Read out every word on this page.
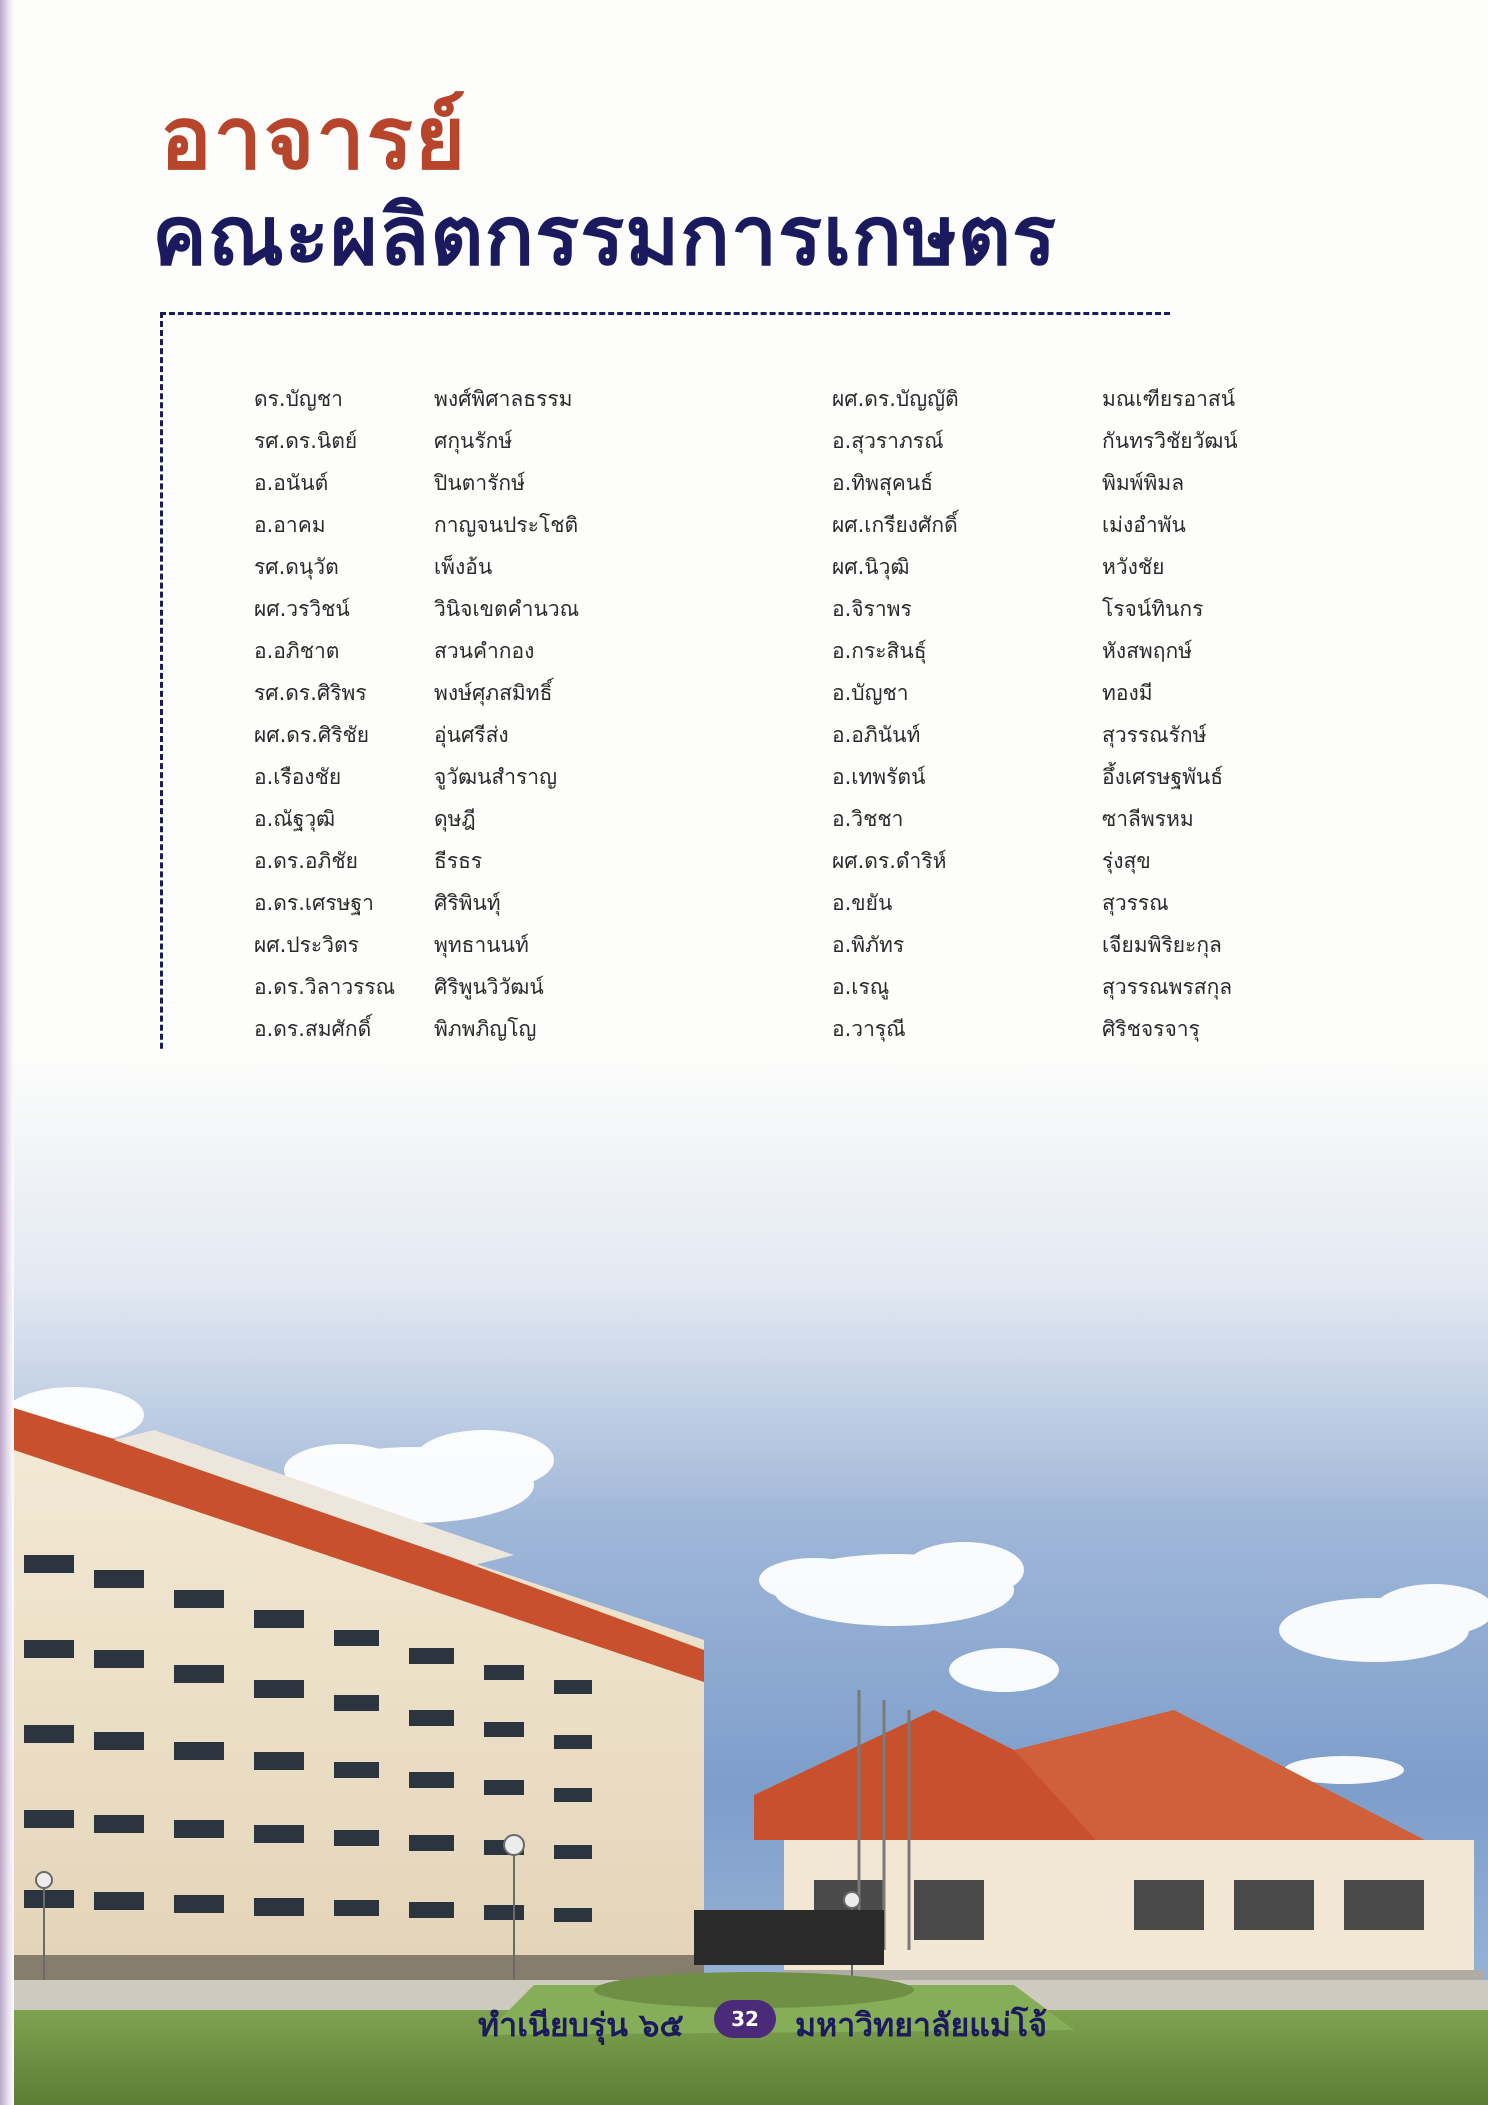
อาจารย์
คณะผลิตกรรมการเกษตร
ดร.บัญชา
รศ.ดร.นิตย์
อ.อนันต์
อ.อาคม
รศ.ดนุวัต
ผศ.วรวิชน์
อ.อภิชาต
รศ.ดร.ศิริพร
ผศ.ดร.ศิริชัย
อ.เรืองชัย
อ.ณัฐวุฒิ
อ.ดร.อภิชัย
อ.ดร.เศรษฐา
ผศ.ประวิตร
อ.ดร.วิลาวรรณ
อ.ดร.สมศักดิ์
พงศ์พิศาลธรรม
ศกุนรักษ์
ปินตารักษ์
กาญจนประโชติ
เพ็งอ้น
วินิจเขตคำนวณ
สวนคำกอง
พงษ์ศุภสมิทธิ์
อุ่นศรีส่ง
จูวัฒนสำราญ
ดุษฎี
ธีรธร
ศิริพินทุ์
พุทธานนท์
ศิริพูนวิวัฒน์
พิภพภิญโญ
ผศ.ดร.บัญญัติ
อ.สุวราภรณ์
อ.ทิพสุคนธ์
ผศ.เกรียงศักดิ์
ผศ.นิวุฒิ
อ.จิราพร
อ.กระสินธุ์
อ.บัญชา
อ.อภินันท์
อ.เทพรัตน์
อ.วิชชา
ผศ.ดร.ดำริห์
อ.ขยัน
อ.พิภัทร
อ.เรณู
อ.วารุณี
มณเฑียรอาสน์
กันทรวิชัยวัฒน์
พิมพ์พิมล
เม่งอำพัน
หวังชัย
โรจน์ทินกร
หังสพฤกษ์
ทองมี
สุวรรณรักษ์
อึ้งเศรษฐพันธ์
ซาลีพรหม
รุ่งสุข
สุวรรณ
เจียมพิริยะกุล
สุวรรณพรสกุล
ศิริชจรจารุ
ทำเนียบรุ่น ๖๕	32	มหาวิทยาลัยแม่โจ้
